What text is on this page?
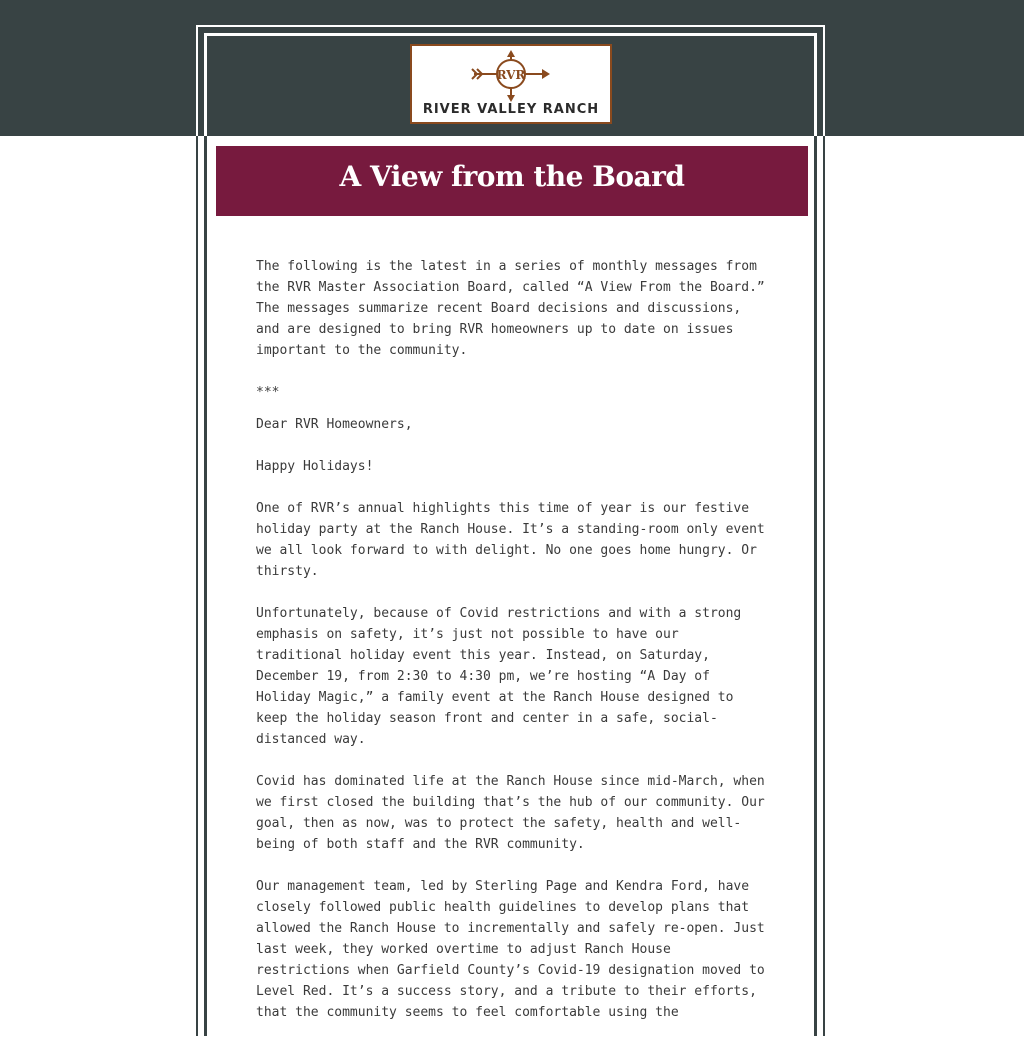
RVR
RIVER VALLEY RANCH
A View from the Board

The following is the latest in a series of monthly messages from the RVR Master Association Board, called “A View From the Board.” The messages summarize recent Board decisions and discussions, and are designed to bring RVR homeowners up to date on issues important to the community.

***

Dear RVR Homeowners,

Happy Holidays!

One of RVR’s annual highlights this time of year is our festive holiday party at the Ranch House. It’s a standing-room only event we all look forward to with delight. No one goes home hungry. Or thirsty.

Unfortunately, because of Covid restrictions and with a strong emphasis on safety, it’s just not possible to have our traditional holiday event this year. Instead, on Saturday, December 19, from 2:30 to 4:30 pm, we’re hosting “A Day of Holiday Magic,” a family event at the Ranch House designed to keep the holiday season front and center in a safe, social-distanced way.

Covid has dominated life at the Ranch House since mid-March, when we first closed the building that’s the hub of our community. Our goal, then as now, was to protect the safety, health and well-being of both staff and the RVR community.

Our management team, led by Sterling Page and Kendra Ford, have closely followed public health guidelines to develop plans that allowed the Ranch House to incrementally and safely re-open. Just last week, they worked overtime to adjust Ranch House restrictions when Garfield County’s Covid-19 designation moved to Level Red. It’s a success story, and a tribute to their efforts, that the community seems to feel comfortable using the
